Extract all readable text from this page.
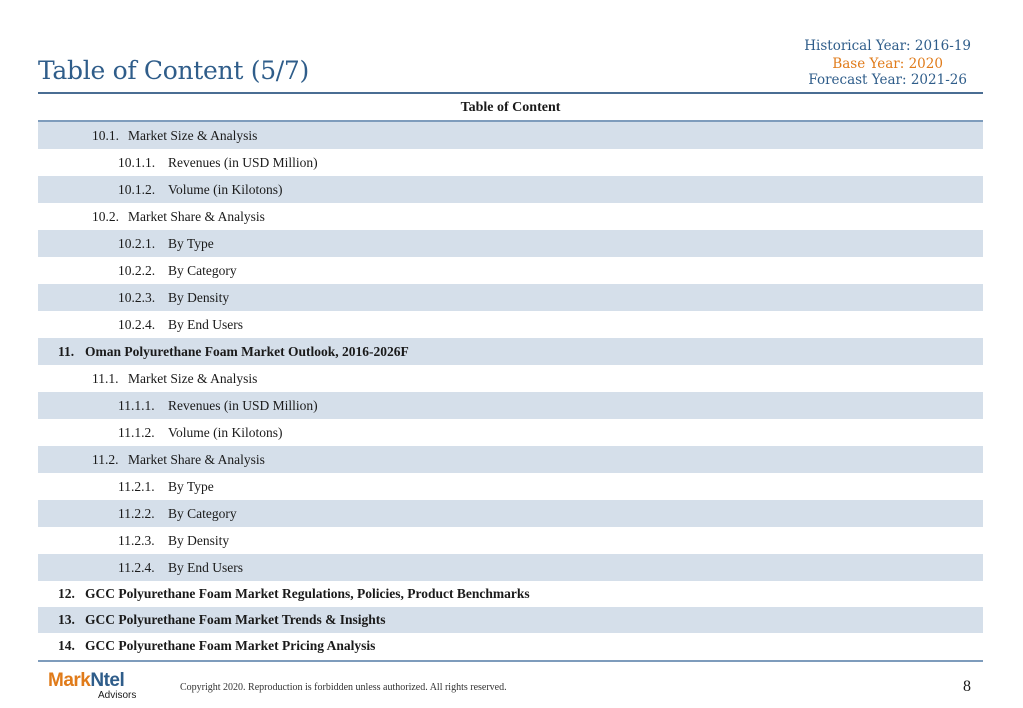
Table of Content (5/7)
Historical Year: 2016-19
Base Year: 2020
Forecast Year: 2021-26
Table of Content
10.1. Market Size & Analysis
10.1.1. Revenues (in USD Million)
10.1.2. Volume (in Kilotons)
10.2. Market Share & Analysis
10.2.1. By Type
10.2.2. By Category
10.2.3. By Density
10.2.4. By End Users
11. Oman Polyurethane Foam Market Outlook, 2016-2026F
11.1. Market Size & Analysis
11.1.1. Revenues (in USD Million)
11.1.2. Volume (in Kilotons)
11.2. Market Share & Analysis
11.2.1. By Type
11.2.2. By Category
11.2.3. By Density
11.2.4. By End Users
12. GCC Polyurethane Foam Market Regulations, Policies, Product Benchmarks
13. GCC Polyurethane Foam Market Trends & Insights
14. GCC Polyurethane Foam Market Pricing Analysis
MarkNtel
Advisors
Copyright 2020. Reproduction is forbidden unless authorized. All rights reserved.	8
